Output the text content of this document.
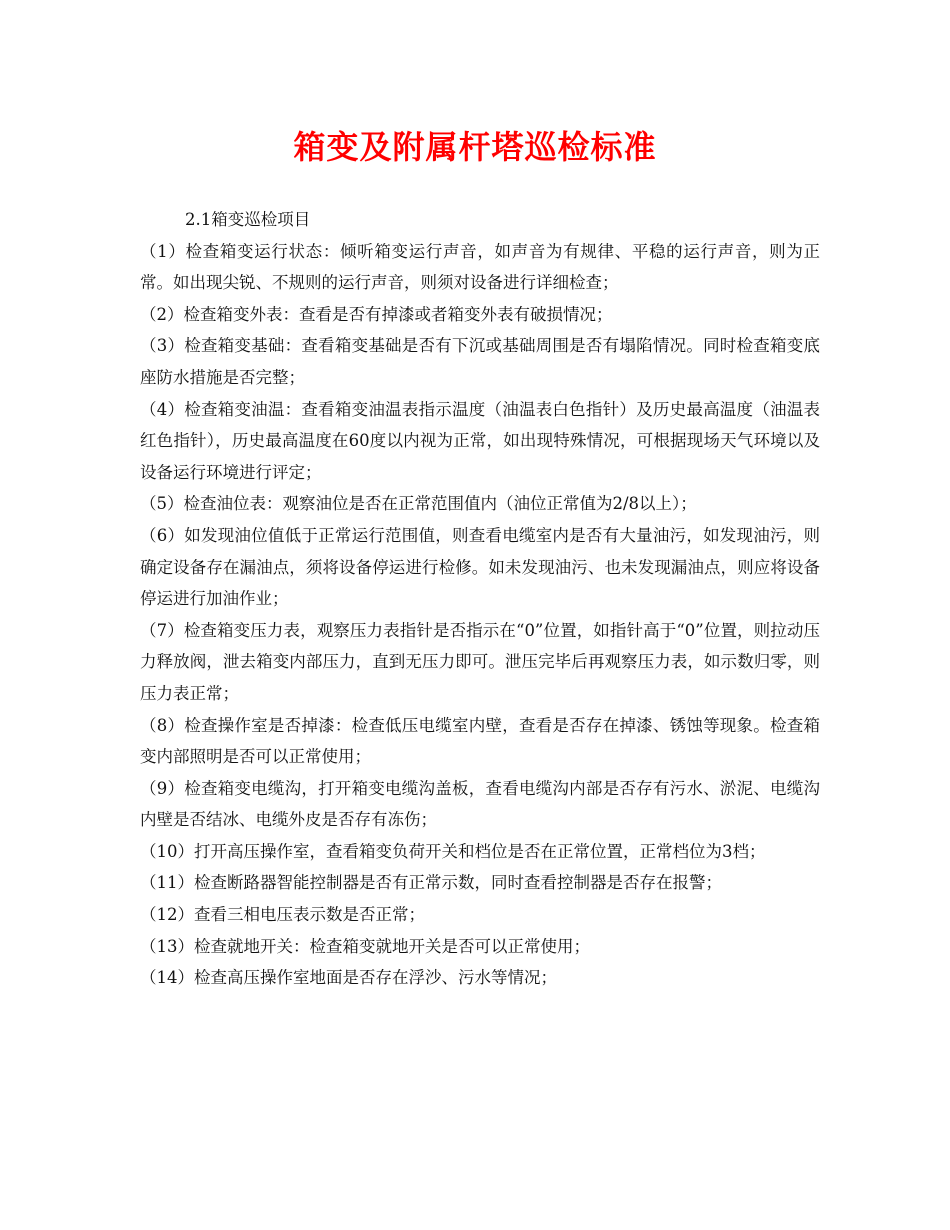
箱变及附属杆塔巡检标准
2.1箱变巡检项目

（1）检查箱变运行状态：倾听箱变运行声音，如声音为有规律、平稳的运行声音，则为正常。如出现尖锐、不规则的运行声音，则须对设备进行详细检查；

（2）检查箱变外表：查看是否有掉漆或者箱变外表有破损情况；

（3）检查箱变基础：查看箱变基础是否有下沉或基础周围是否有塌陷情况。同时检查箱变底座防水措施是否完整；

（4）检查箱变油温：查看箱变油温表指示温度（油温表白色指针）及历史最高温度（油温表红色指针），历史最高温度在60度以内视为正常，如出现特殊情况，可根据现场天气环境以及设备运行环境进行评定；

（5）检查油位表：观察油位是否在正常范围值内（油位正常值为2/8以上）；

（6）如发现油位值低于正常运行范围值，则查看电缆室内是否有大量油污，如发现油污，则确定设备存在漏油点，须将设备停运进行检修。如未发现油污、也未发现漏油点，则应将设备停运进行加油作业；

（7）检查箱变压力表，观察压力表指针是否指示在“0”位置，如指针高于“0”位置，则拉动压力释放阀，泄去箱变内部压力，直到无压力即可。泄压完毕后再观察压力表，如示数归零，则压力表正常；

（8）检查操作室是否掉漆：检查低压电缆室内壁，查看是否存在掉漆、锈蚀等现象。检查箱变内部照明是否可以正常使用；

（9）检查箱变电缆沟，打开箱变电缆沟盖板，查看电缆沟内部是否存有污水、淤泥、电缆沟内壁是否结冰、电缆外皮是否存有冻伤；

（10）打开高压操作室，查看箱变负荷开关和档位是否在正常位置，正常档位为3档；

（11）检查断路器智能控制器是否有正常示数，同时查看控制器是否存在报警；

（12）查看三相电压表示数是否正常；

（13）检查就地开关：检查箱变就地开关是否可以正常使用；

（14）检查高压操作室地面是否存在浮沙、污水等情况；
